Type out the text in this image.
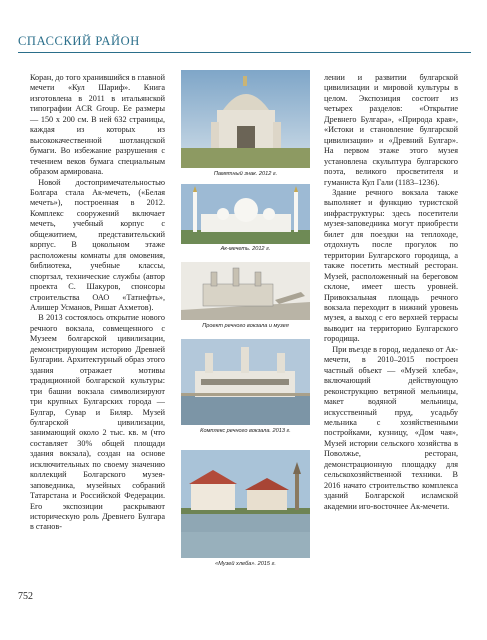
СПАССКИЙ РАЙОН
Коран, до того хранившийся в главной мечети «Кул Шариф». Книга изготовлена в 2011 в итальянской типографии ACR Group. Ее размеры — 150 х 200 см. В ней 632 страницы, каждая из которых из высококачественной шотландской бумаги. Во избежание разрушения с течением веков бумага специальным образом армирована.
 Новой достопримечательностью Болгара стала Ак-мечеть, («Белая мечеть»), построенная в 2012. Комплекс сооружений включает мечеть, учебный корпус с общежитием, представительский корпус. В цокольном этаже расположены комнаты для омовения, библиотека, учебные классы, спортзал, технические службы (автор проекта С. Шакуров, спонсоры строительства ОАО «Татнефть», Алишер Усманов, Ришат Ахметов).
 В 2013 состоялось открытие нового речного вокзала, совмещенного с Музеем болгарской цивилизации, демонстрирующим историю Древней Булгарии. Архитектурный образ этого здания отражает мотивы традиционной болгарской культуры: три башни вокзала символизируют три крупных Булгарских города — Булгар, Сувар и Биляр. Музей булгарской цивилизации, занимающий около 2 тыс. кв. м (что составляет 30% общей площади здания вокзала), создан на основе исключительных по своему значению коллекций Болгарского музея-заповедника, музейных собраний Татарстана и Российской Федерации. Его экспозиции раскрывают историческую роль Древнего Булгара в станов-
лении и развитии булгарской цивилизации и мировой культуры в целом. Экспозиция состоит из четырех разделов: «Открытие Древнего Булгара», «Природа края», «Истоки и становление булгарской цивилизации» и «Древний Булгар». На первом этаже этого музея установлена скульптура булгарского поэта, великого просветителя и гуманиста Кул Гали (1183–1236).
 Здание речного вокзала также выполняет и функцию туристской инфраструктуры: здесь посетители музея-заповедника могут приобрести билет для поездки на теплоходе, отдохнуть после прогулок по территории Булгарского городища, а также посетить местный ресторан. Музей, расположенный на береговом склоне, имеет шесть уровней. Привокзальная площадь речного вокзала переходит в нижний уровень музея, а выход с его верхней террасы выводит на территорию Булгарского городища.
 При въезде в город, недалеко от Ак-мечети, в 2010–2015 построен частный объект — «Музей хлеба», включающий действующую реконструкцию ветряной мельницы, макет водяной мельницы, искусственный пруд, усадьбу мельника с хозяйственными постройками, кузницу, «Дом чая», Музей истории сельского хозяйства в Поволжье, ресторан, демонстрационную площадку для сельскохозяйственной техники. В 2016 начато строительство комплекса зданий Болгарской исламской академии иго-восточнее Ак-мечети.
Памятный знак. 2012 г.
Ак-мечеть. 2012 г.
Проект речного вокзала и музея
Комплекс речного вокзала. 2013 г.
«Музей хлеба». 2015 г.
752
